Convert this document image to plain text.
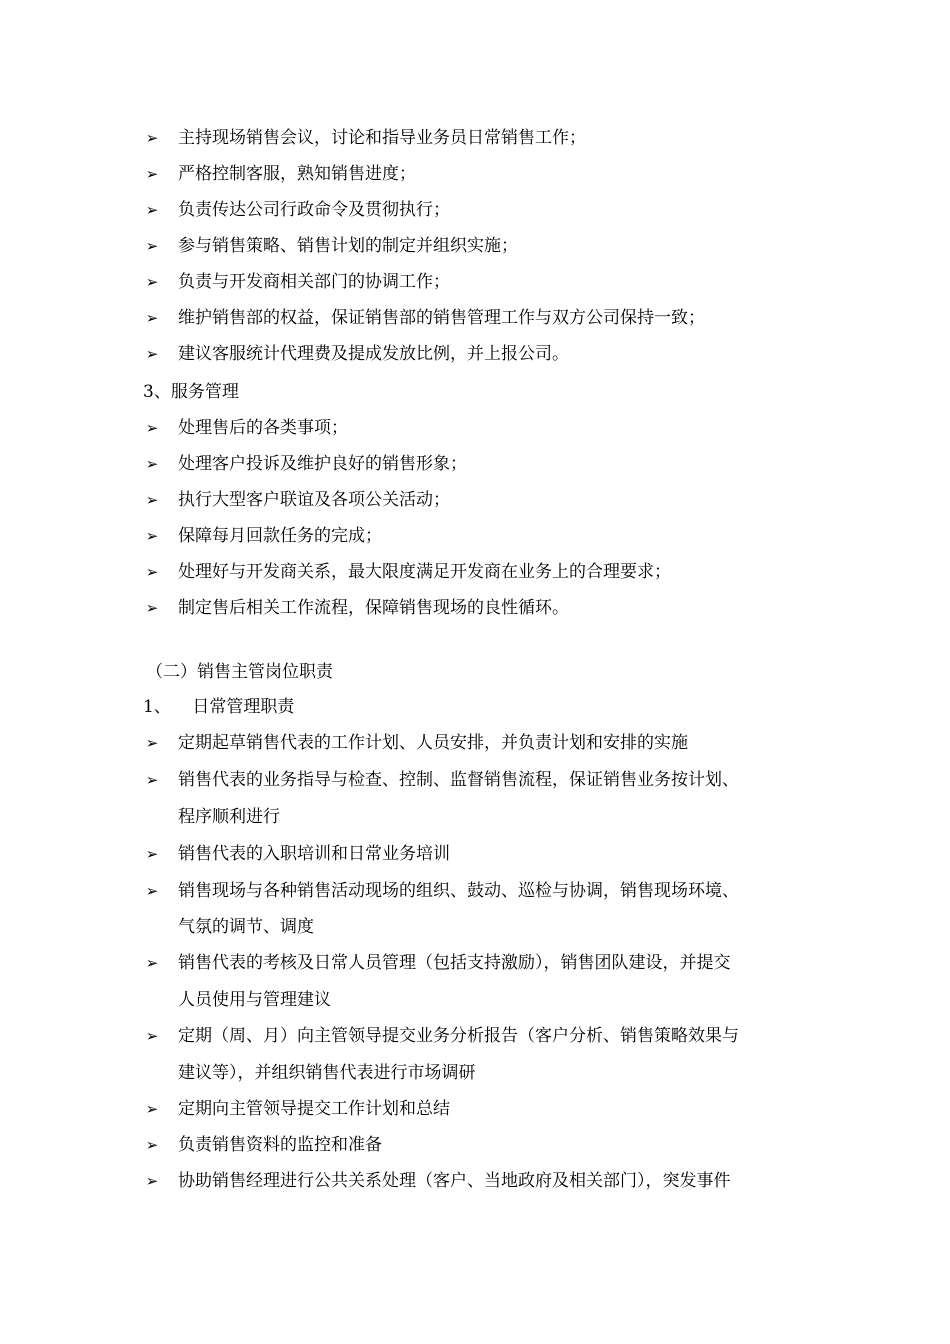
➢ 主持现场销售会议，讨论和指导业务员日常销售工作；
➢ 严格控制客服，熟知销售进度；
➢ 负责传达公司行政命令及贯彻执行；
➢ 参与销售策略、销售计划的制定并组织实施；
➢ 负责与开发商相关部门的协调工作；
➢ 维护销售部的权益，保证销售部的销售管理工作与双方公司保持一致；
➢ 建议客服统计代理费及提成发放比例，并上报公司。
3、服务管理
➢ 处理售后的各类事项；
➢ 处理客户投诉及维护良好的销售形象；
➢ 执行大型客户联谊及各项公关活动；
➢ 保障每月回款任务的完成；
➢ 处理好与开发商关系，最大限度满足开发商在业务上的合理要求；
➢ 制定售后相关工作流程，保障销售现场的良性循环。
（二）销售主管岗位职责
1、    日常管理职责
➢ 定期起草销售代表的工作计划、人员安排，并负责计划和安排的实施
➢ 销售代表的业务指导与检查、控制、监督销售流程，保证销售业务按计划、
程序顺利进行
➢ 销售代表的入职培训和日常业务培训
➢ 销售现场与各种销售活动现场的组织、鼓动、巡检与协调，销售现场环境、
气氛的调节、调度
➢ 销售代表的考核及日常人员管理（包括支持激励），销售团队建设，并提交
人员使用与管理建议
➢ 定期（周、月）向主管领导提交业务分析报告（客户分析、销售策略效果与
建议等），并组织销售代表进行市场调研
➢ 定期向主管领导提交工作计划和总结
➢ 负责销售资料的监控和准备
➢ 协助销售经理进行公共关系处理（客户、当地政府及相关部门），突发事件
